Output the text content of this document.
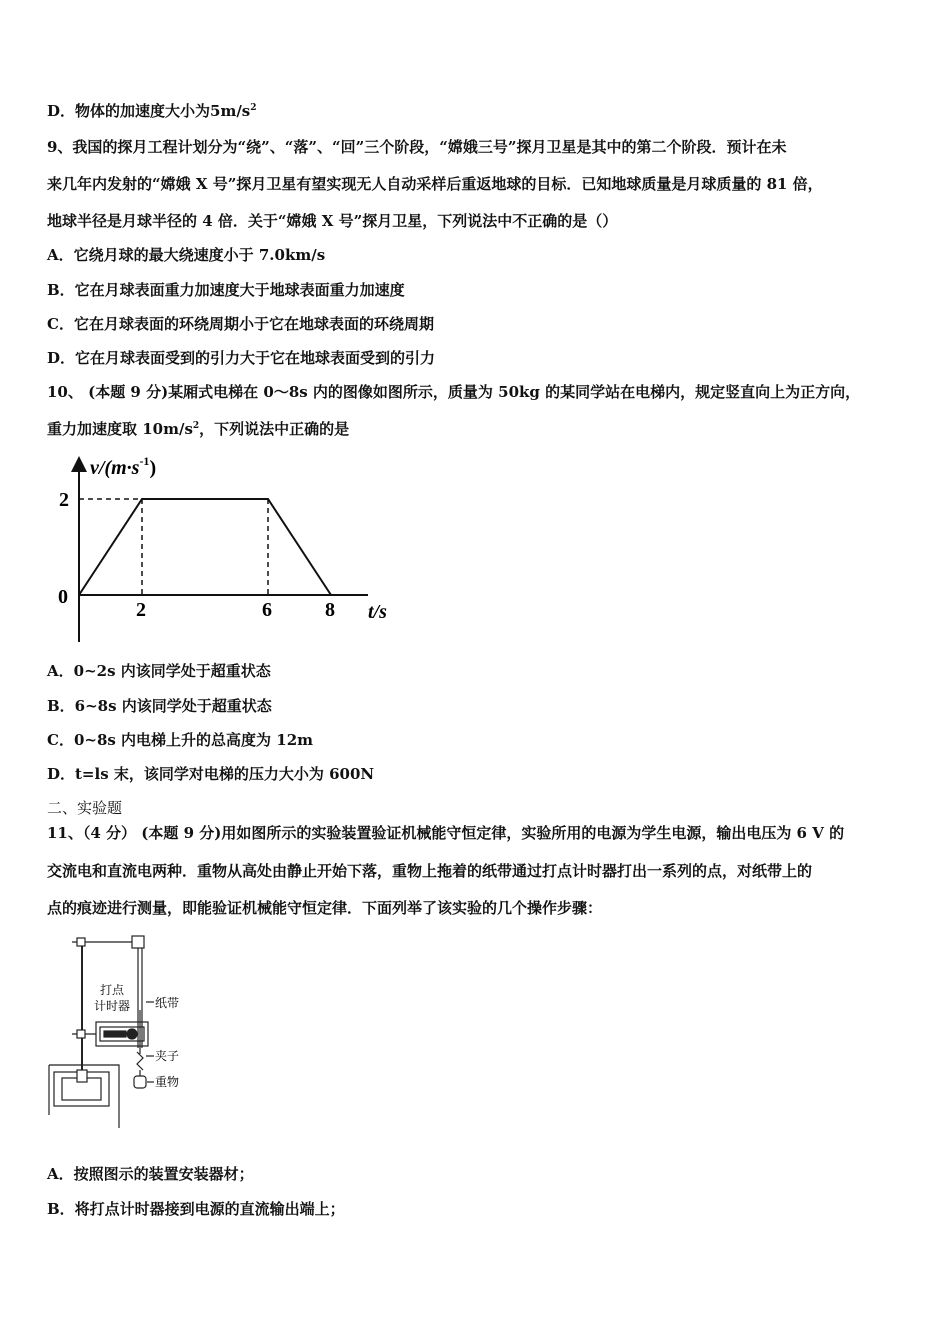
D．物体的加速度大小为$5m/s^2$
9、我国的探月工程计划分为“绕”、“落”、“回”三个阶段，“嫦娥三号”探月卫星是其中的第二个阶段．预计在未
来几年内发射的“嫦娥 X 号”探月卫星有望实现无人自动采样后重返地球的目标．已知地球质量是月球质量的 81 倍，
地球半径是月球半径的 4 倍．关于“嫦娥 X 号”探月卫星，下列说法中不正确的是（）
A．它绕月球的最大绕速度小于 7.0km/s
B．它在月球表面重力加速度大于地球表面重力加速度
C．它在月球表面的环绕周期小于它在地球表面的环绕周期
D．它在月球表面受到的引力大于它在地球表面受到的引力
10、 (本题 9 分)某厢式电梯在 0～8s 内的图像如图所示，质量为 50kg 的某同学站在电梯内，规定竖直向上为正方向，
重力加速度取 $10m/s^2$，下列说法中正确的是
$v/(m\cdot s^{-1})$
t/s
0
2	6	8
2
A．0~2s 内该同学处于超重状态
B．6~8s 内该同学处于超重状态
C．0~8s 内电梯上升的总高度为 12m
D．t=ls 末，该同学对电梯的压力大小为 600N
二、实验题
11、（4 分） (本题 9 分)用如图所示的实验装置验证机械能守恒定律，实验所用的电源为学生电源，输出电压为 6 V 的
交流电和直流电两种．重物从高处由静止开始下落，重物上拖着的纸带通过打点计时器打出一系列的点，对纸带上的
点的痕迹进行测量，即能验证机械能守恒定律．下面列举了该实验的几个操作步骤：
打点
计时器 纸带
夹子
重物
A．按照图示的装置安装器材；
B．将打点计时器接到电源的直流输出端上；
